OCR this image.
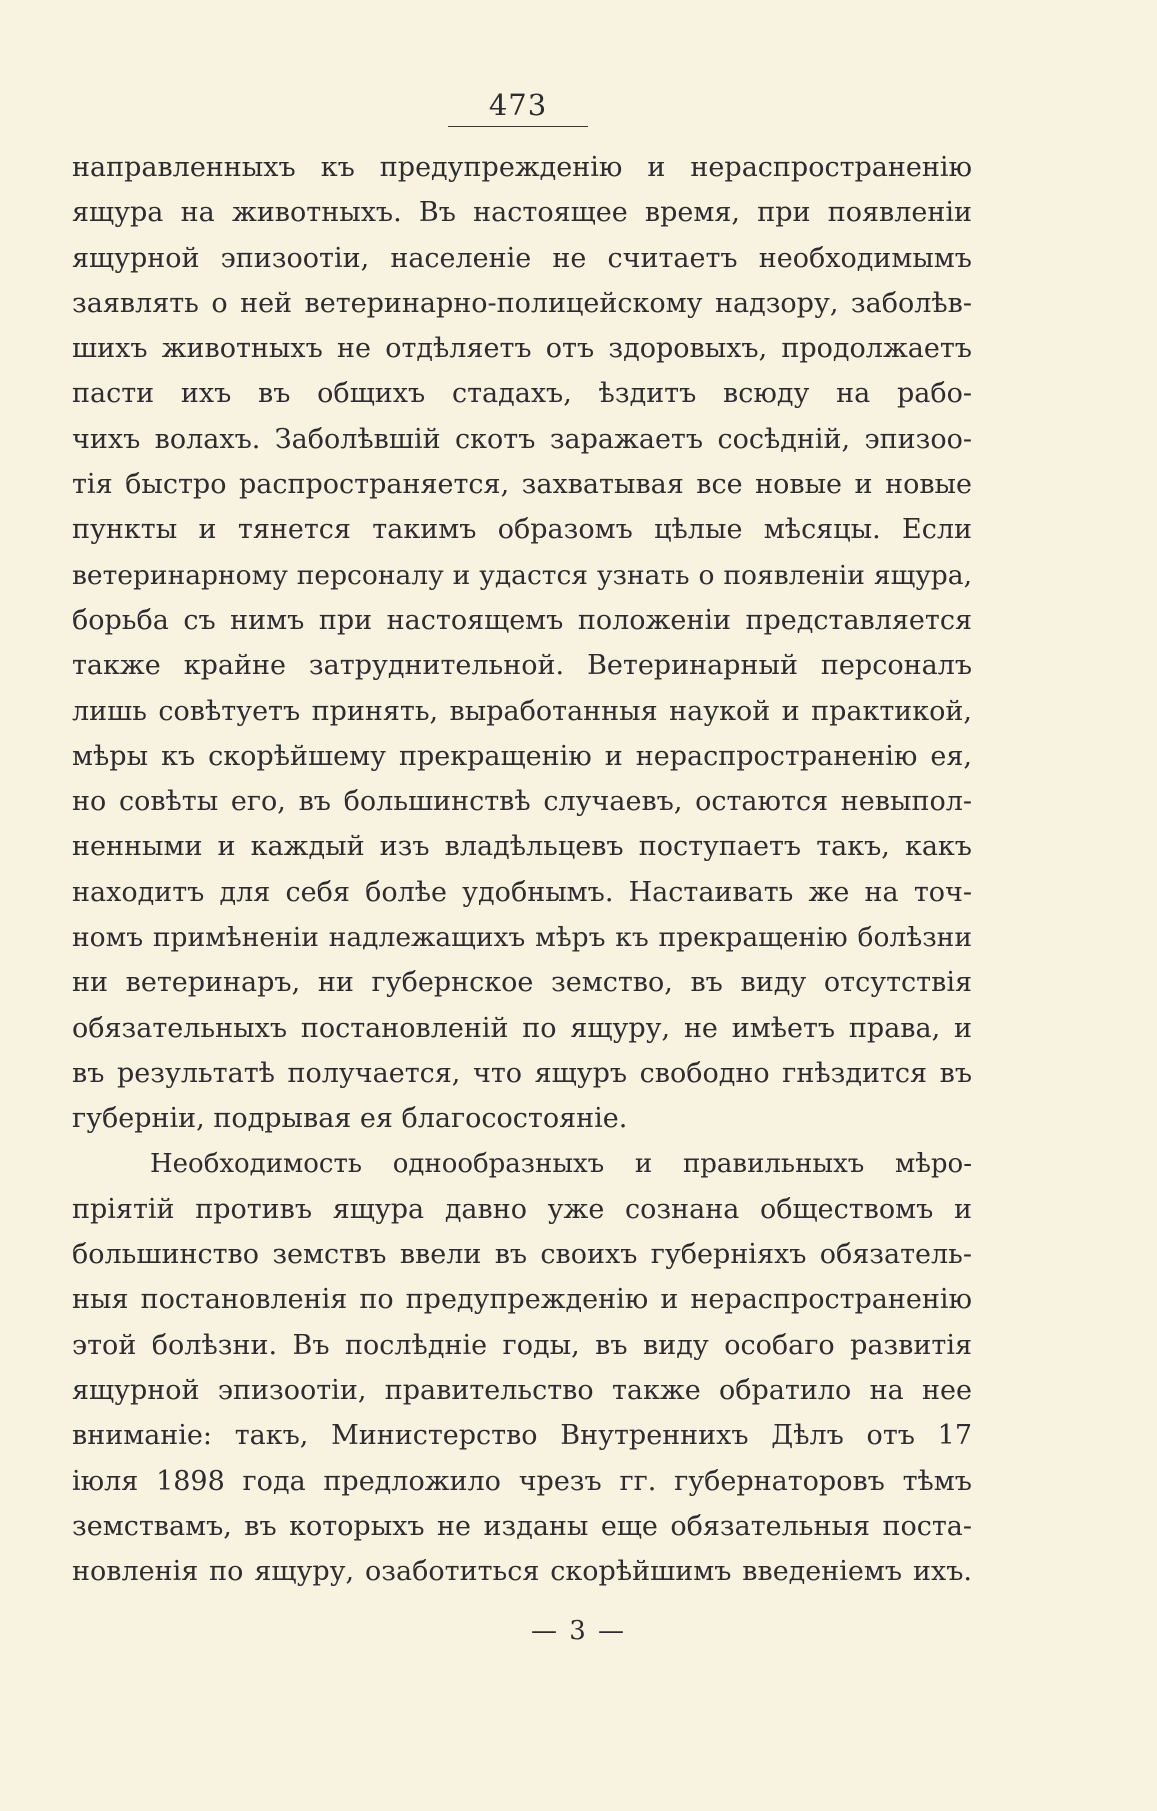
473
направленныхъ къ предупрежденію и нераспространенію
ящура на животныхъ. Въ настоящее время, при появленіи
ящурной эпизоотіи, населеніе не считаетъ необходимымъ
заявлять о ней ветеринарно-полицейскому надзору, заболѣв-
шихъ животныхъ не отдѣляетъ отъ здоровыхъ, продолжаетъ
пасти ихъ въ общихъ стадахъ, ѣздитъ всюду на рабо-
чихъ волахъ. Заболѣвшій скотъ заражаетъ сосѣдній, эпизоо-
тія быстро распространяется, захватывая все новые и новые
пункты и тянется такимъ образомъ цѣлые мѣсяцы. Если
ветеринарному персоналу и удастся узнать о появленіи ящура,
борьба съ нимъ при настоящемъ положеніи представляется
также крайне затруднительной. Ветеринарный персоналъ
лишь совѣтуетъ принять, выработанныя наукой и практикой,
мѣры къ скорѣйшему прекращенію и нераспространенію ея,
но совѣты его, въ большинствѣ случаевъ, остаются невыпол-
ненными и каждый изъ владѣльцевъ поступаетъ такъ, какъ
находитъ для себя болѣе удобнымъ. Настаивать же на точ-
номъ примѣненіи надлежащихъ мѣръ къ прекращенію болѣзни
ни ветеринаръ, ни губернское земство, въ виду отсутствія
обязательныхъ постановленій по ящуру, не имѣетъ права, и
въ результатѣ получается, что ящуръ свободно гнѣздится въ
губерніи, подрывая ея благосостояніе.
Необходимость однообразныхъ и правильныхъ мѣро-
пріятій противъ ящура давно уже сознана обществомъ и
большинство земствъ ввели въ своихъ губерніяхъ обязатель-
ныя постановленія по предупрежденію и нераспространенію
этой болѣзни. Въ послѣдніе годы, въ виду особаго развитія
ящурной эпизоотіи, правительство также обратило на нее
вниманіе: такъ, Министерство Внутреннихъ Дѣлъ отъ 17
іюля 1898 года предложило чрезъ гг. губернаторовъ тѣмъ
земствамъ, въ которыхъ не изданы еще обязательныя поста-
новленія по ящуру, озаботиться скорѣйшимъ введеніемъ ихъ.
— 3 —
